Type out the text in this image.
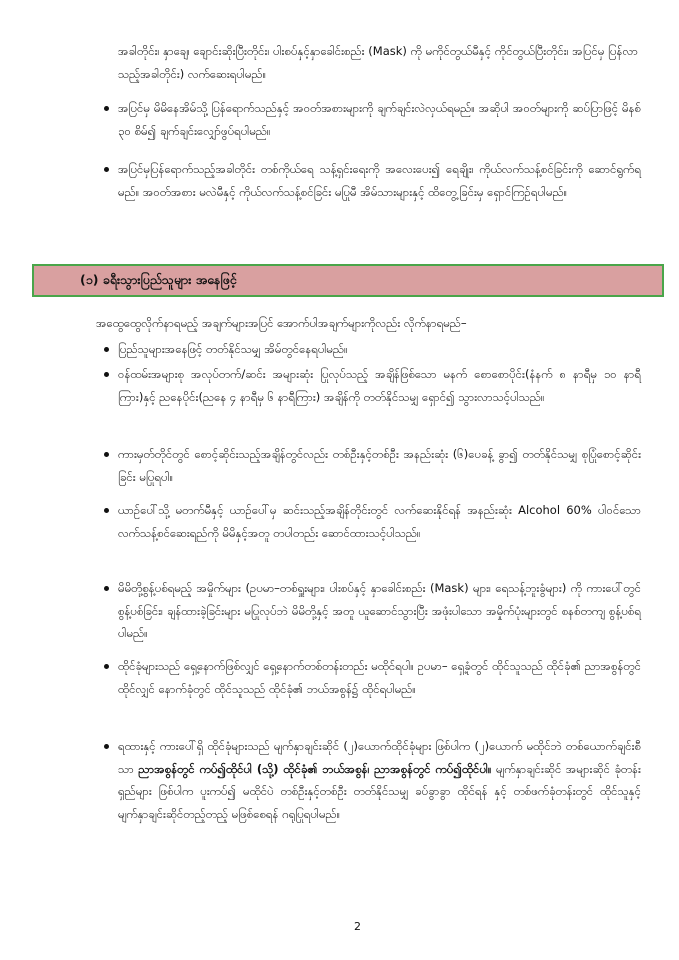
အခါတိုင်း၊ နှာချေ၊ ချောင်းဆိုးပြီးတိုင်း၊ ပါးစပ်နှင့်နှာခေါင်းစည်း (Mask) ကို မကိုင်တွယ်မီနှင့် ကိုင်တွယ်ပြီးတိုင်း၊ အပြင်မှ ပြန်လာသည့်အခါတိုင်း) လက်ဆေးရပါမည်။
အပြင်မှ မိမိနေအိမ်သို့ ပြန်ရောက်သည်နှင့် အဝတ်အစားများကို ချက်ချင်းလဲလှယ်ရမည်။ အဆိုပါ အဝတ်များကို ဆပ်ပြာဖြင့် မိနစ် ၃၀ စိမ်၍ ချက်ချင်းလျှော်ဖွပ်ရပါမည်။
အပြင်မှပြန်ရောက်သည့်အခါတိုင်း တစ်ကိုယ်ရေ သန့်ရှင်းရေးကို အလေးပေး၍ ရေချိုး၊ ကိုယ်လက်သန့်စင်ခြင်းကို ဆောင်ရွက်ရမည်။ အဝတ်အစား မလဲမီနှင့် ကိုယ်လက်သန့်စင်ခြင်း မပြုမီ အိမ်သားများနှင့် ထိတွေ့ခြင်းမှ ရှောင်ကြဉ်ရပါမည်။
(၁) ခရီးသွားပြည်သူများ အနေဖြင့်
အထွေထွေလိုက်နာရမည့် အချက်များအပြင် အောက်ပါအချက်များကိုလည်း လိုက်နာရမည်–
ပြည်သူများအနေဖြင့် တတ်နိုင်သမျှ အိမ်တွင်နေရပါမည်။
ဝန်ထမ်းအများစု အလုပ်တက်/ဆင်း အများဆုံး ပြုလုပ်သည့် အချိန်ဖြစ်သော မနက် စောစောပိုင်း(နံနက် ၈ နာရီမှ ၁၀ နာရီကြား)နှင့် ညနေပိုင်း(ညနေ ၄ နာရီမှ ၆ နာရီကြား) အချိန်ကို တတ်နိုင်သမျှ ရှောင်၍ သွားလာသင့်ပါသည်။
ကားမှတ်တိုင်တွင် စောင့်ဆိုင်းသည့်အချိန်တွင်လည်း တစ်ဦးနှင့်တစ်ဦး အနည်းဆုံး (၆)ပေခန့် ခွာ၍ တတ်နိုင်သမျှ စုပြုံစောင့်ဆိုင်းခြင်း မပြုရပါ။
ယာဉ်ပေါ်သို့ မတက်မီနှင့် ယာဉ်ပေါ်မှ ဆင်းသည့်အချိန်တိုင်းတွင် လက်ဆေးနိုင်ရန် အနည်းဆုံး Alcohol 60% ပါဝင်သော လက်သန့်စင်ဆေးရည်ကို မိမိနှင့်အတူ တပါတည်း ဆောင်ထားသင့်ပါသည်။
မိမိတို့စွန့်ပစ်ရမည့် အမှိုက်များ (ဥပမာ–တစ်ရှူးများ၊ ပါးစပ်နှင့် နှာခေါင်းစည်း (Mask) များ၊ ရေသန့်ဘူးခွံများ) ကို ကားပေါ်တွင် စွန့်ပစ်ခြင်း၊ ချန်ထားခဲ့ခြင်းများ မပြုလုပ်ဘဲ မိမိတို့နှင့် အတူ ယူဆောင်သွားပြီး အဖုံးပါသော အမှိုက်ပုံးများတွင် စနစ်တကျ စွန့်ပစ်ရပါမည်။
ထိုင်ခုံများသည် ရှေ့နောက်ဖြစ်လျှင် ရှေ့နောက်တစ်တန်းတည်း မထိုင်ရပါ။ ဥပမာ– ရှေ့ခုံတွင် ထိုင်သူသည် ထိုင်ခုံ၏ ညာအစွန်တွင် ထိုင်လျှင် နောက်ခုံတွင် ထိုင်သူသည် ထိုင်ခုံ၏ ဘယ်အစွန်၌ ထိုင်ရပါမည်။
ရထားနှင့် ကားပေါ်ရှိ ထိုင်ခုံများသည် မျက်နှာချင်းဆိုင် (၂)ယောက်ထိုင်ခုံများ ဖြစ်ပါက (၂)ယောက် မထိုင်ဘဲ တစ်ယောက်ချင်းစီသာ ညာအစွန်တွင် ကပ်၍ထိုင်ပါ (သို့) ထိုင်ခုံ၏ ဘယ်အစွန်၊ ညာအစွန်တွင် ကပ်၍ထိုင်ပါ။ မျက်နှာချင်းဆိုင် အများဆိုင် ခုံတန်းရှည်များ ဖြစ်ပါက ပူးကပ်၍ မထိုင်ပဲ တစ်ဦးနှင့်တစ်ဦး တတ်နိုင်သမျှ ခပ်ခွာခွာ ထိုင်ရန် နှင့် တစ်ဖက်ခုံတန်းတွင် ထိုင်သူနှင့် မျက်နှာချင်းဆိုင်တည့်တည့် မဖြစ်စေရန် ဂရုပြုရပါမည်။
2
